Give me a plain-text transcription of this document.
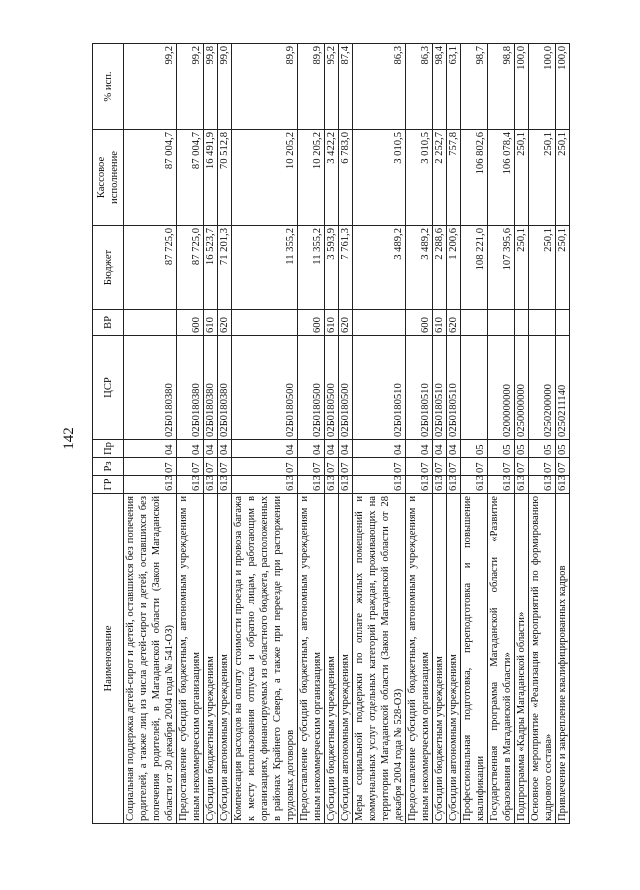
142
Наименование	ГР	Рз	Пр	ЦСР	ВР	Бюджет	Кассовое исполнение	% исп.
Социальная поддержка детей-сирот и детей, оставшихся без попечения родителей, а также лиц из числа детей-сирот и детей, оставшихся без попечения родителей, в Магаданской области (Закон Магаданской области от 30 декабря 2004 года № 541-ОЗ)	613	07	04	02Б0180380		87 725,0	87 004,7	99,2
Предоставление субсидий бюджетным, автономным учреждениям и иным некоммерческим организациям	613	07	04	02Б0180380	600	87 725,0	87 004,7	99,2
Субсидии бюджетным учреждениям	613	07	04	02Б0180380	610	16 523,7	16 491,9	99,8
Субсидии автономным учреждениям	613	07	04	02Б0180380	620	71 201,3	70 512,8	99,0
Компенсация расходов на оплату стоимости проезда и провоза багажа к месту использования отпуска и обратно лицам, работающим в организациях, финансируемых из областного бюджета, расположенных в районах Крайнего Севера, а также при переезде при расторжении трудовых договоров	613	07	04	02Б0180500		11 355,2	10 205,2	89,9
Предоставление субсидий бюджетным, автономным учреждениям и иным некоммерческим организациям	613	07	04	02Б0180500	600	11 355,2	10 205,2	89,9
Субсидии бюджетным учреждениям	613	07	04	02Б0180500	610	3 593,9	3 422,2	95,2
Субсидии автономным учреждениям	613	07	04	02Б0180500	620	7 761,3	6 783,0	87,4
Меры социальной поддержки по оплате жилых помещений и коммунальных услуг отдельных категорий граждан, проживающих на территории Магаданской области (Закон Магаданской области от 28 декабря 2004 года № 528-ОЗ)	613	07	04	02Б0180510		3 489,2	3 010,5	86,3
Предоставление субсидий бюджетным, автономным учреждениям и иным некоммерческим организациям	613	07	04	02Б0180510	600	3 489,2	3 010,5	86,3
Субсидии бюджетным учреждениям	613	07	04	02Б0180510	610	2 288,6	2 252,7	98,4
Субсидии автономным учреждениям	613	07	04	02Б0180510	620	1 200,6	757,8	63,1
Профессиональная подготовка, переподготовка и повышение квалификации	613	07	05			108 221,0	106 802,6	98,7
Государственная программа Магаданской области «Развитие образования в Магаданской области»	613	07	05	0200000000		107 395,6	106 078,4	98,8
Подпрограмма «Кадры Магаданской области»	613	07	05	0250000000		250,1	250,1	100,0
Основное мероприятие «Реализация мероприятий по формированию кадрового состава»	613	07	05	0250200000		250,1	250,1	100,0
Привлечение и закрепление квалифицированных кадров	613	07	05	0250211140		250,1	250,1	100,0
